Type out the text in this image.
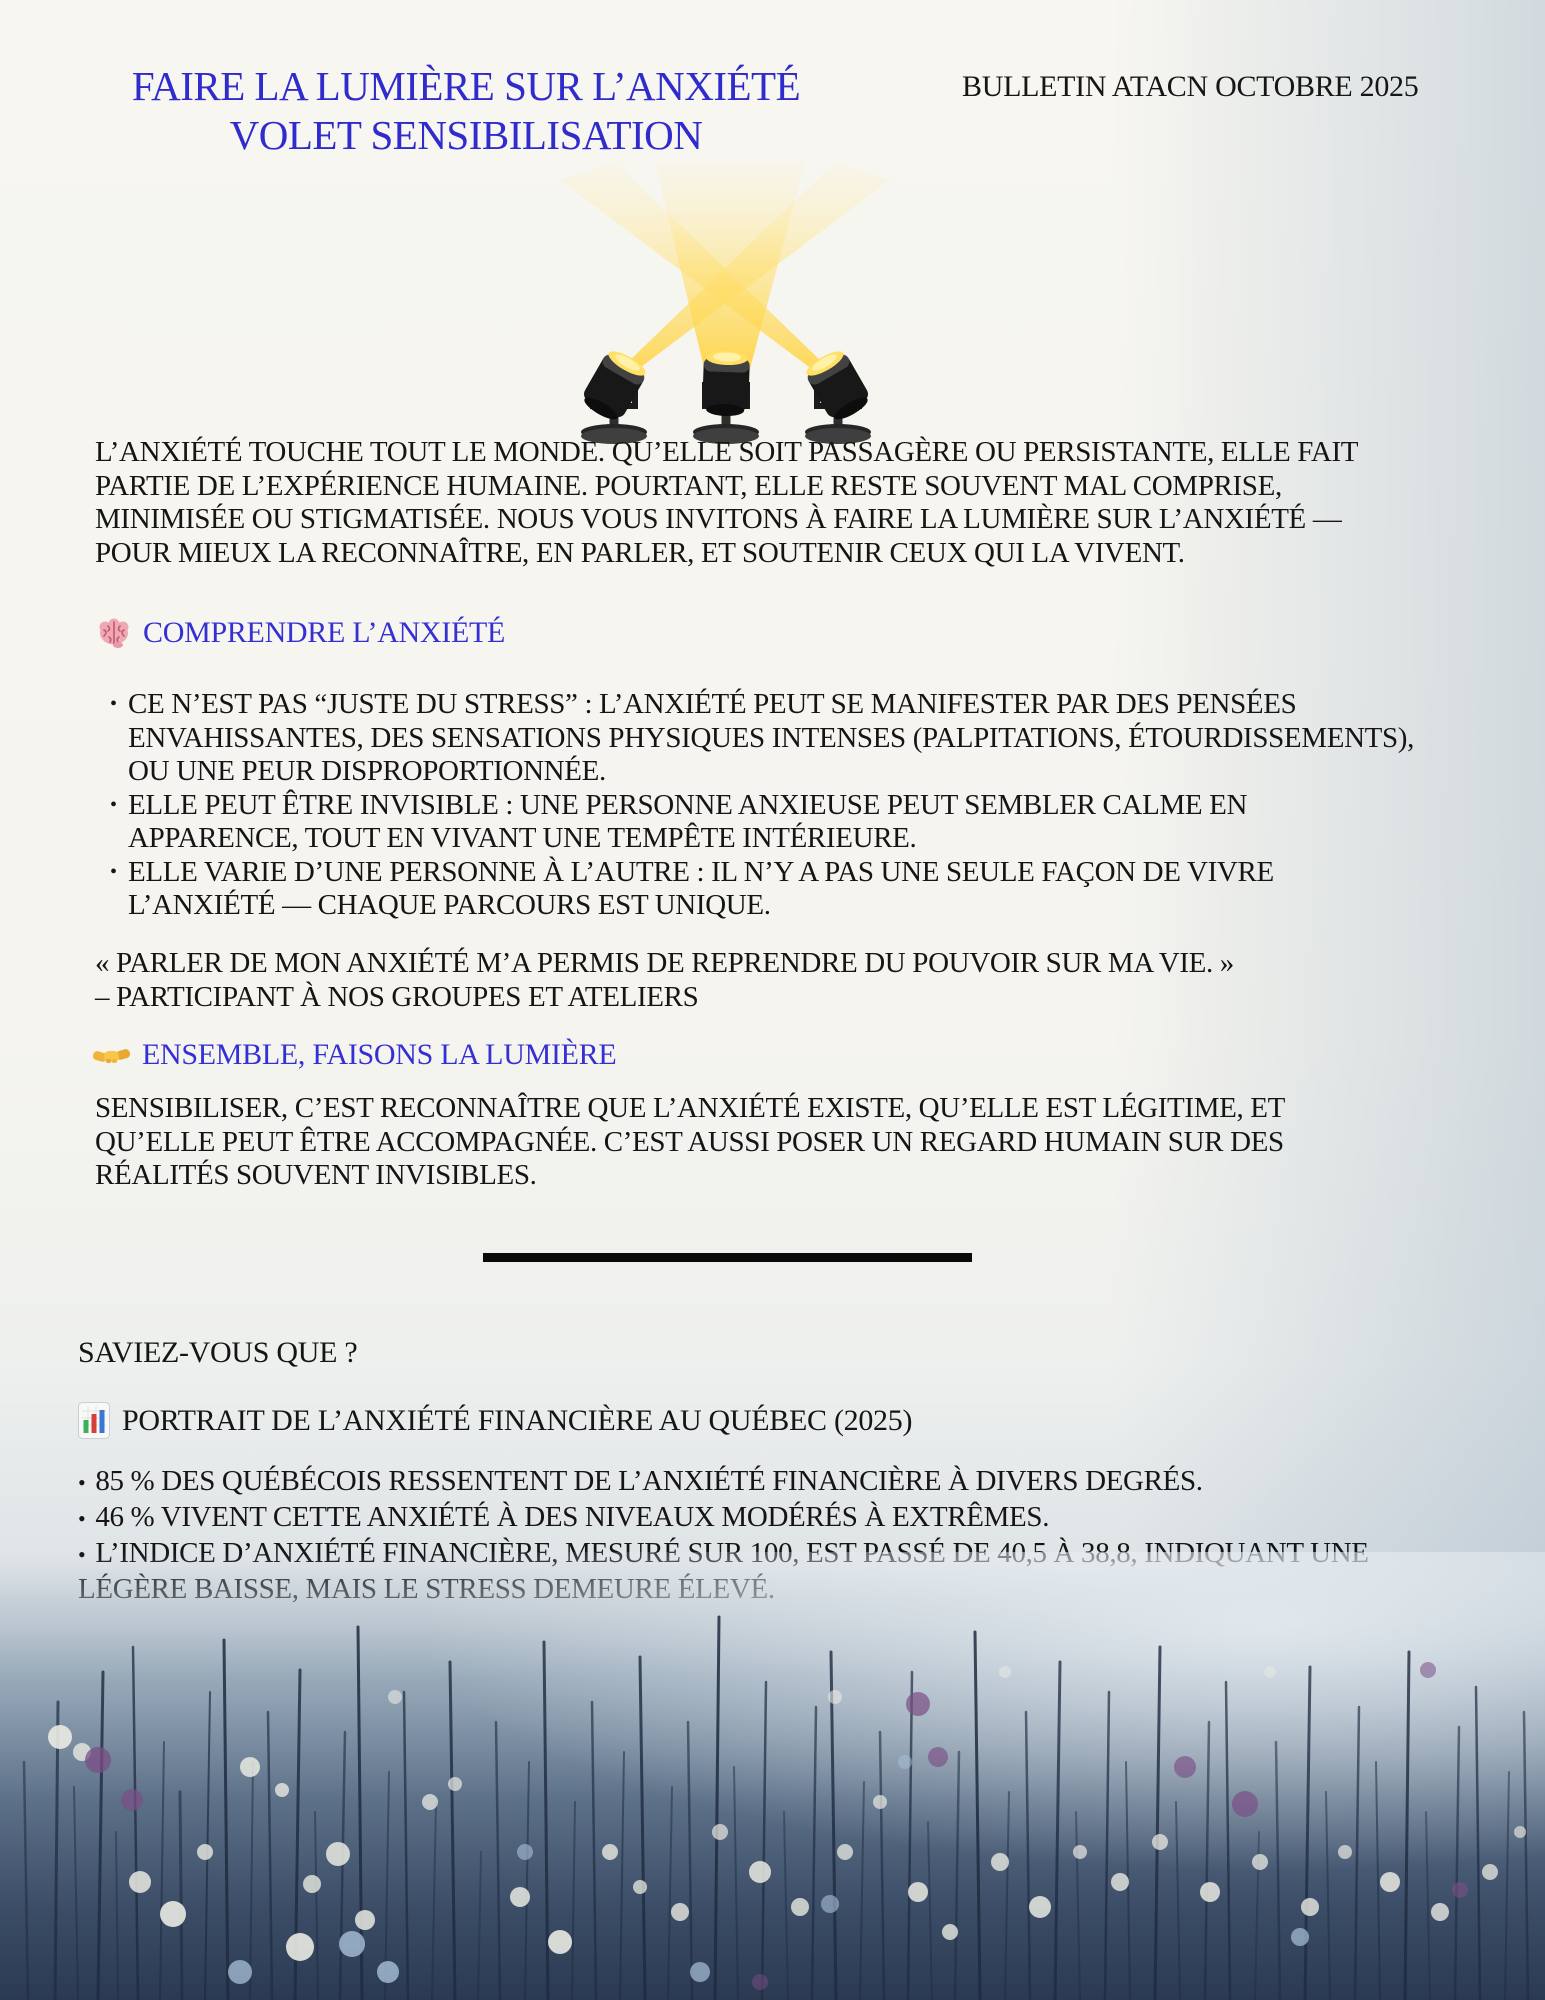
FAIRE LA LUMIÈRE SUR L’ANXIÉTÉ
VOLET SENSIBILISATION
BULLETIN ATACN OCTOBRE 2025
L’ANXIÉTÉ TOUCHE TOUT LE MONDE. QU’ELLE SOIT PASSAGÈRE OU PERSISTANTE, ELLE FAIT PARTIE DE L’EXPÉRIENCE HUMAINE. POURTANT, ELLE RESTE SOUVENT MAL COMPRISE, MINIMISÉE OU STIGMATISÉE. NOUS VOUS INVITONS À FAIRE LA LUMIÈRE SUR L’ANXIÉTÉ — POUR MIEUX LA RECONNAÎTRE, EN PARLER, ET SOUTENIR CEUX QUI LA VIVENT.
COMPRENDRE L’ANXIÉTÉ
• CE N’EST PAS “JUSTE DU STRESS” : L’ANXIÉTÉ PEUT SE MANIFESTER PAR DES PENSÉES ENVAHISSANTES, DES SENSATIONS PHYSIQUES INTENSES (PALPITATIONS, ÉTOURDISSEMENTS), OU UNE PEUR DISPROPORTIONNÉE.
• ELLE PEUT ÊTRE INVISIBLE : UNE PERSONNE ANXIEUSE PEUT SEMBLER CALME EN APPARENCE, TOUT EN VIVANT UNE TEMPÊTE INTÉRIEURE.
• ELLE VARIE D’UNE PERSONNE À L’AUTRE : IL N’Y A PAS UNE SEULE FAÇON DE VIVRE L’ANXIÉTÉ — CHAQUE PARCOURS EST UNIQUE.
« PARLER DE MON ANXIÉTÉ M’A PERMIS DE REPRENDRE DU POUVOIR SUR MA VIE. »
– PARTICIPANT À NOS GROUPES ET ATELIERS
ENSEMBLE, FAISONS LA LUMIÈRE
SENSIBILISER, C’EST RECONNAÎTRE QUE L’ANXIÉTÉ EXISTE, QU’ELLE EST LÉGITIME, ET QU’ELLE PEUT ÊTRE ACCOMPAGNÉE. C’EST AUSSI POSER UN REGARD HUMAIN SUR DES RÉALITÉS SOUVENT INVISIBLES.
SAVIEZ-VOUS QUE ?
PORTRAIT DE L’ANXIÉTÉ FINANCIÈRE AU QUÉBEC (2025)

• 85 % DES QUÉBÉCOIS RESSENTENT DE L’ANXIÉTÉ FINANCIÈRE À DIVERS DEGRÉS.

• 46 % VIVENT CETTE ANXIÉTÉ À DES NIVEAUX MODÉRÉS À EXTRÊMES.
